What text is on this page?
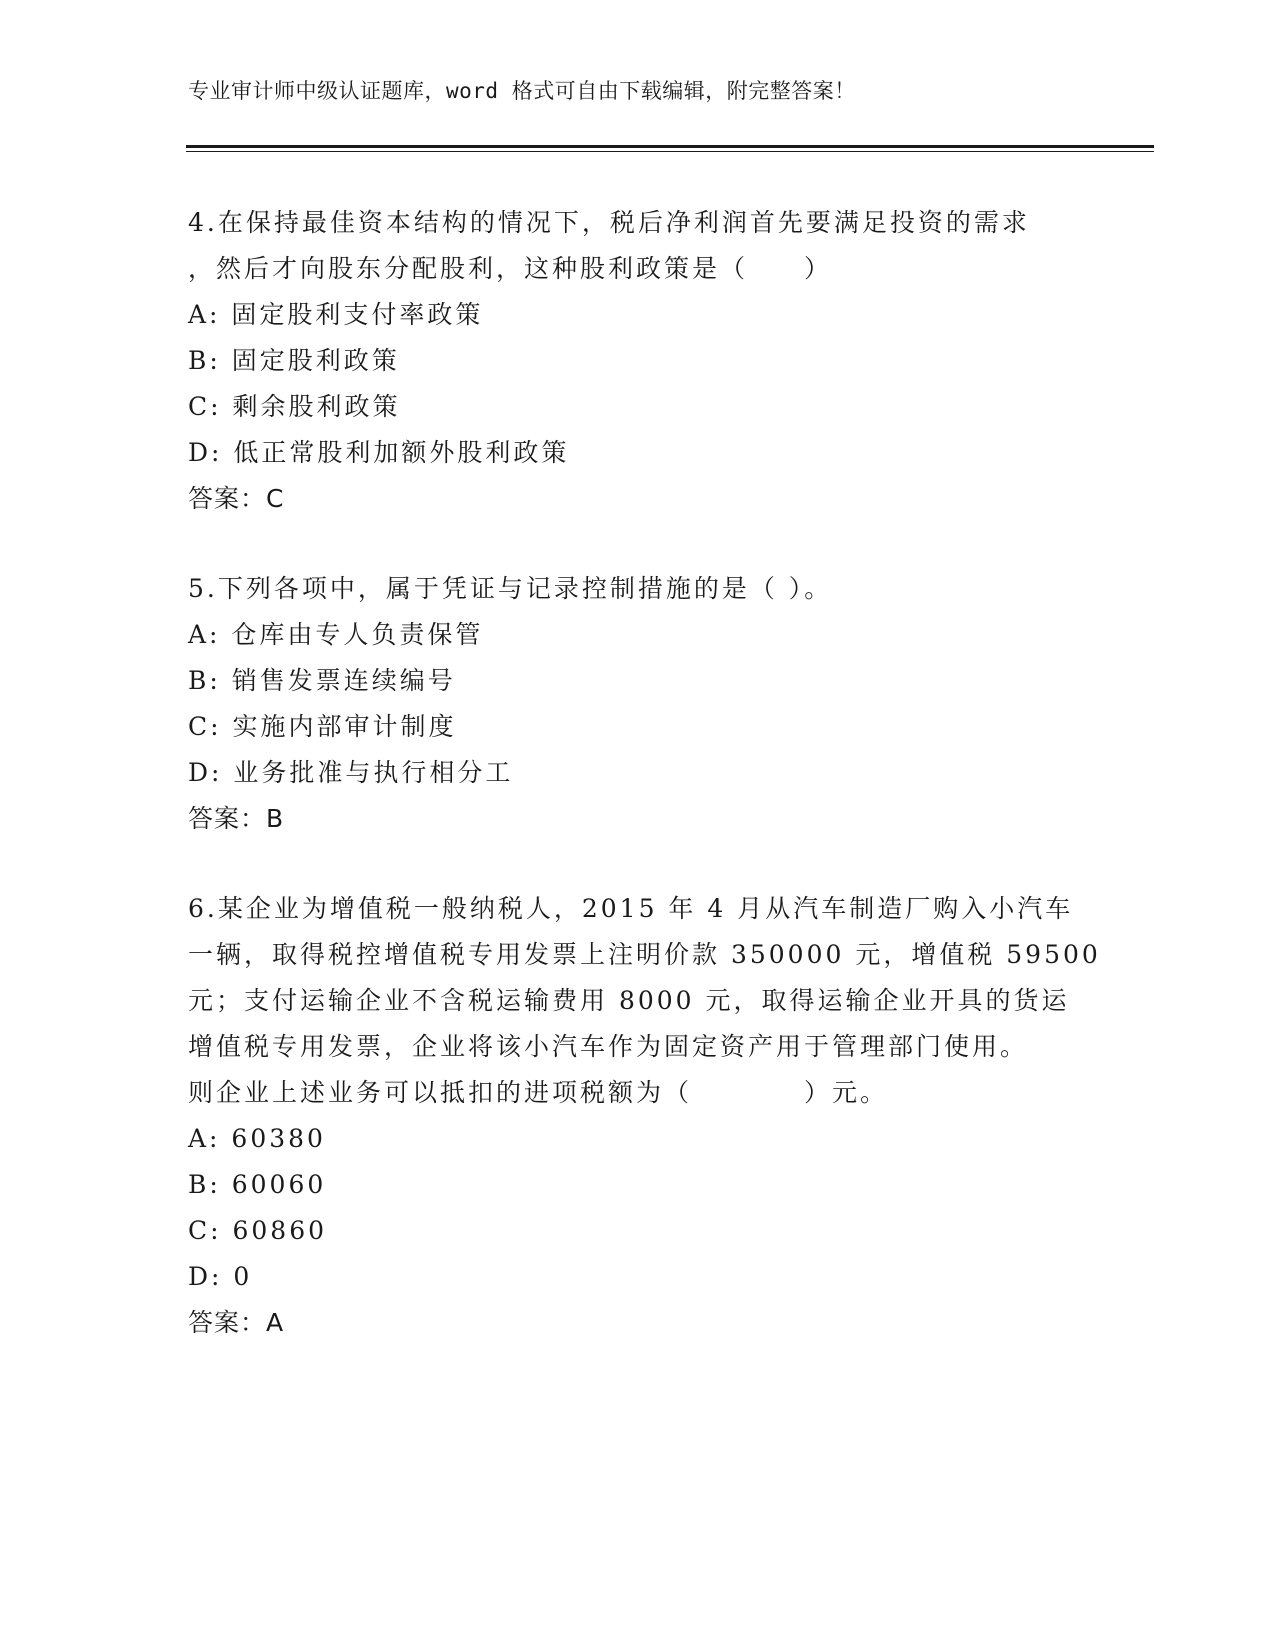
专业审计师中级认证题库，word 格式可自由下载编辑，附完整答案！
4.在保持最佳资本结构的情况下，税后净利润首先要满足投资的需求
，然后才向股东分配股利，这种股利政策是（　　）
A: 固定股利支付率政策
B: 固定股利政策
C: 剩余股利政策
D: 低正常股利加额外股利政策
答案：C
5.下列各项中，属于凭证与记录控制措施的是（ ）。
A: 仓库由专人负责保管
B: 销售发票连续编号
C: 实施内部审计制度
D: 业务批准与执行相分工
答案：B
6.某企业为增值税一般纳税人，2015 年 4 月从汽车制造厂购入小汽车
一辆，取得税控增值税专用发票上注明价款 350000 元，增值税 59500
元；支付运输企业不含税运输费用 8000 元，取得运输企业开具的货运
增值税专用发票，企业将该小汽车作为固定资产用于管理部门使用。
则企业上述业务可以抵扣的进项税额为（　　　　）元。
A: 60380
B: 60060
C: 60860
D: 0
答案：A
